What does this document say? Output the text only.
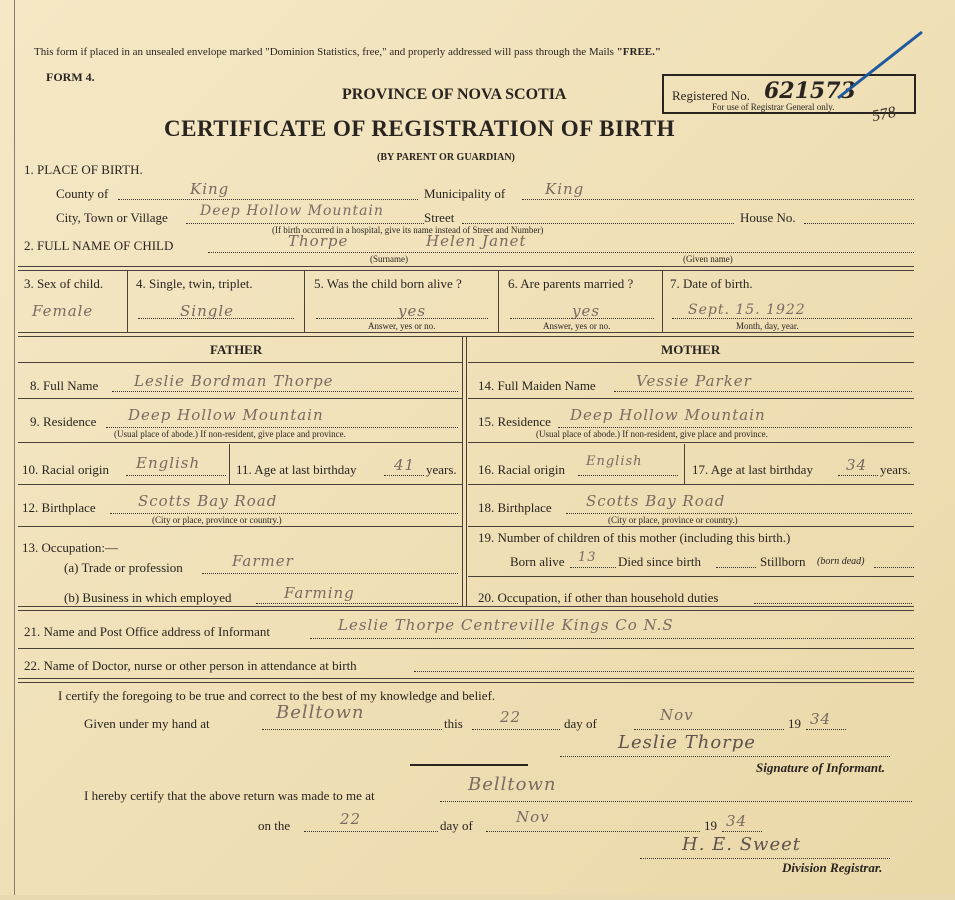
This form if placed in an unsealed envelope marked "Dominion Statistics, free," and properly addressed will pass through the Mails "FREE."
FORM 4.
PROVINCE OF NOVA SCOTIA
CERTIFICATE OF REGISTRATION OF BIRTH
(BY PARENT OR GUARDIAN)
Registered No. 621573
For use of Registrar General only. 578
1. PLACE OF BIRTH.
County of	King	Municipality of	King
City, Town or Village Deep Hollow Mountain	Street	House No.
(If birth occurred in a hospital, give its name instead of Street and Number)
2. FULL NAME OF CHILD	Thorpe	Helen Janet
(Surname)	(Given name)
3. Sex of child.
Female
4. Single, twin, triplet.
Single
5. Was the child born alive ?
yes
Answer, yes or no.
6. Are parents married ?
yes
Answer, yes or no.
7. Date of birth.
Sept. 15. 1922
Month, day, year.
FATHER	MOTHER
8. Full Name Leslie Bordman Thorpe
9. Residence Deep Hollow Mountain
(Usual place of abode.) If non-resident, give place and province.
10. Racial origin English	11. Age at last birthday	41 years.
12. Birthplace	Scotts Bay Road
(City or place, province or country.)
13. Occupation:—
(a) Trade or profession	Farmer
(b) Business in which employed	Farming
14. Full Maiden Name	Vessie Parker
15. Residence Deep Hollow Mountain
(Usual place of abode.) If non-resident, give place and province.
16. Racial origin
English
17. Age at last birthday 34 years.
18. Birthplace Scotts Bay Road
(City or place, province or country.)
19. Number of children of this mother (including this birth.)
Born alive 13 Died since birth	Stillborn (born dead)
20. Occupation, if other than household duties
21. Name and Post Office address of Informant	Leslie Thorpe Centreville Kings Co N.S
22. Name of Doctor, nurse or other person in attendance at birth
I certify the foregoing to be true and correct to the best of my knowledge and belief.
Given under my hand at
Belltown
this 22	day of	Nov	19 34
Leslie Thorpe
Signature of Informant.
I hereby certify that the above return was made to me at
Belltown
on the	22	day of	Nov	19 34
H. E. Sweet
Division Registrar.
